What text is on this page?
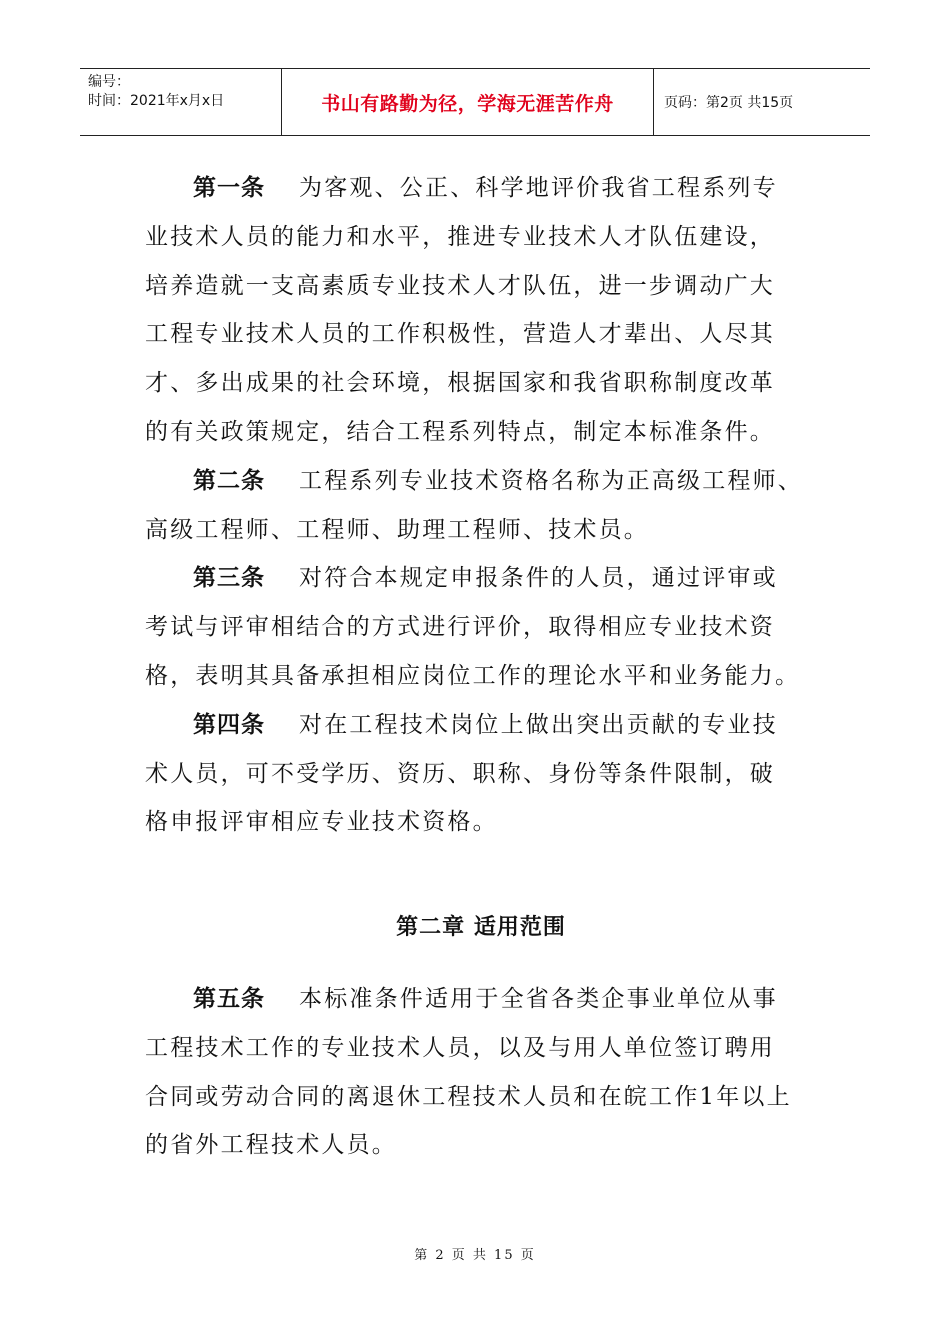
编号：
时间：2021年x月x日	书山有路勤为径，学海无涯苦作舟	页码：第2页 共15页
第一条 为客观、公正、科学地评价我省工程系列专
业技术人员的能力和水平，推进专业技术人才队伍建设，
培养造就一支高素质专业技术人才队伍，进一步调动广大
工程专业技术人员的工作积极性，营造人才辈出、人尽其
才、多出成果的社会环境，根据国家和我省职称制度改革
的有关政策规定，结合工程系列特点，制定本标准条件。
第二条 工程系列专业技术资格名称为正高级工程师、
高级工程师、工程师、助理工程师、技术员。
第三条 对符合本规定申报条件的人员，通过评审或
考试与评审相结合的方式进行评价，取得相应专业技术资
格，表明其具备承担相应岗位工作的理论水平和业务能力。
第四条 对在工程技术岗位上做出突出贡献的专业技
术人员，可不受学历、资历、职称、身份等条件限制，破
格申报评审相应专业技术资格。
第二章 适用范围
第五条 本标准条件适用于全省各类企事业单位从事
工程技术工作的专业技术人员，以及与用人单位签订聘用
合同或劳动合同的离退休工程技术人员和在皖工作1年以上
的省外工程技术人员。
第 2 页 共 15 页
